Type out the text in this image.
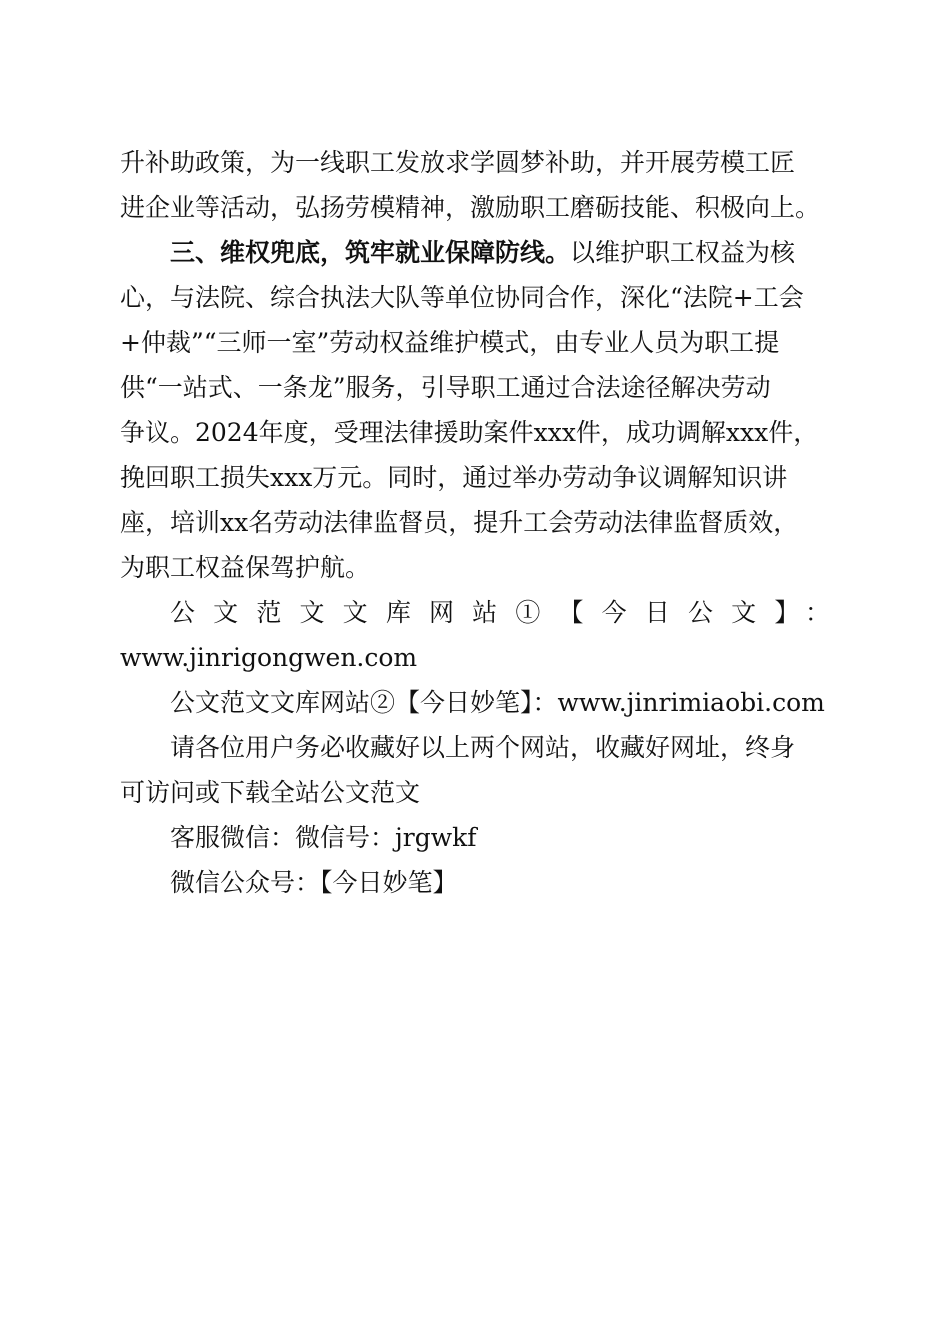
升补助政策，为一线职工发放求学圆梦补助，并开展劳模工匠
进企业等活动，弘扬劳模精神，激励职工磨砺技能、积极向上。
三、维权兜底，筑牢就业保障防线。以维护职工权益为核
心，与法院、综合执法大队等单位协同合作，深化“法院+工会
+仲裁”“三师一室”劳动权益维护模式，由专业人员为职工提
供“一站式、一条龙”服务，引导职工通过合法途径解决劳动
争议。2024年度，受理法律援助案件xxx件，成功调解xxx件，
挽回职工损失xxx万元。同时，通过举办劳动争议调解知识讲
座，培训xx名劳动法律监督员，提升工会劳动法律监督质效，
为职工权益保驾护航。
公文范文文库网站①【今日公文】：
www.jinrigongwen.com
公文范文文库网站②【今日妙笔】：www.jinrimiaobi.com
请各位用户务必收藏好以上两个网站，收藏好网址，终身
可访问或下载全站公文范文
客服微信：微信号：jrgwkf
微信公众号：【今日妙笔】
